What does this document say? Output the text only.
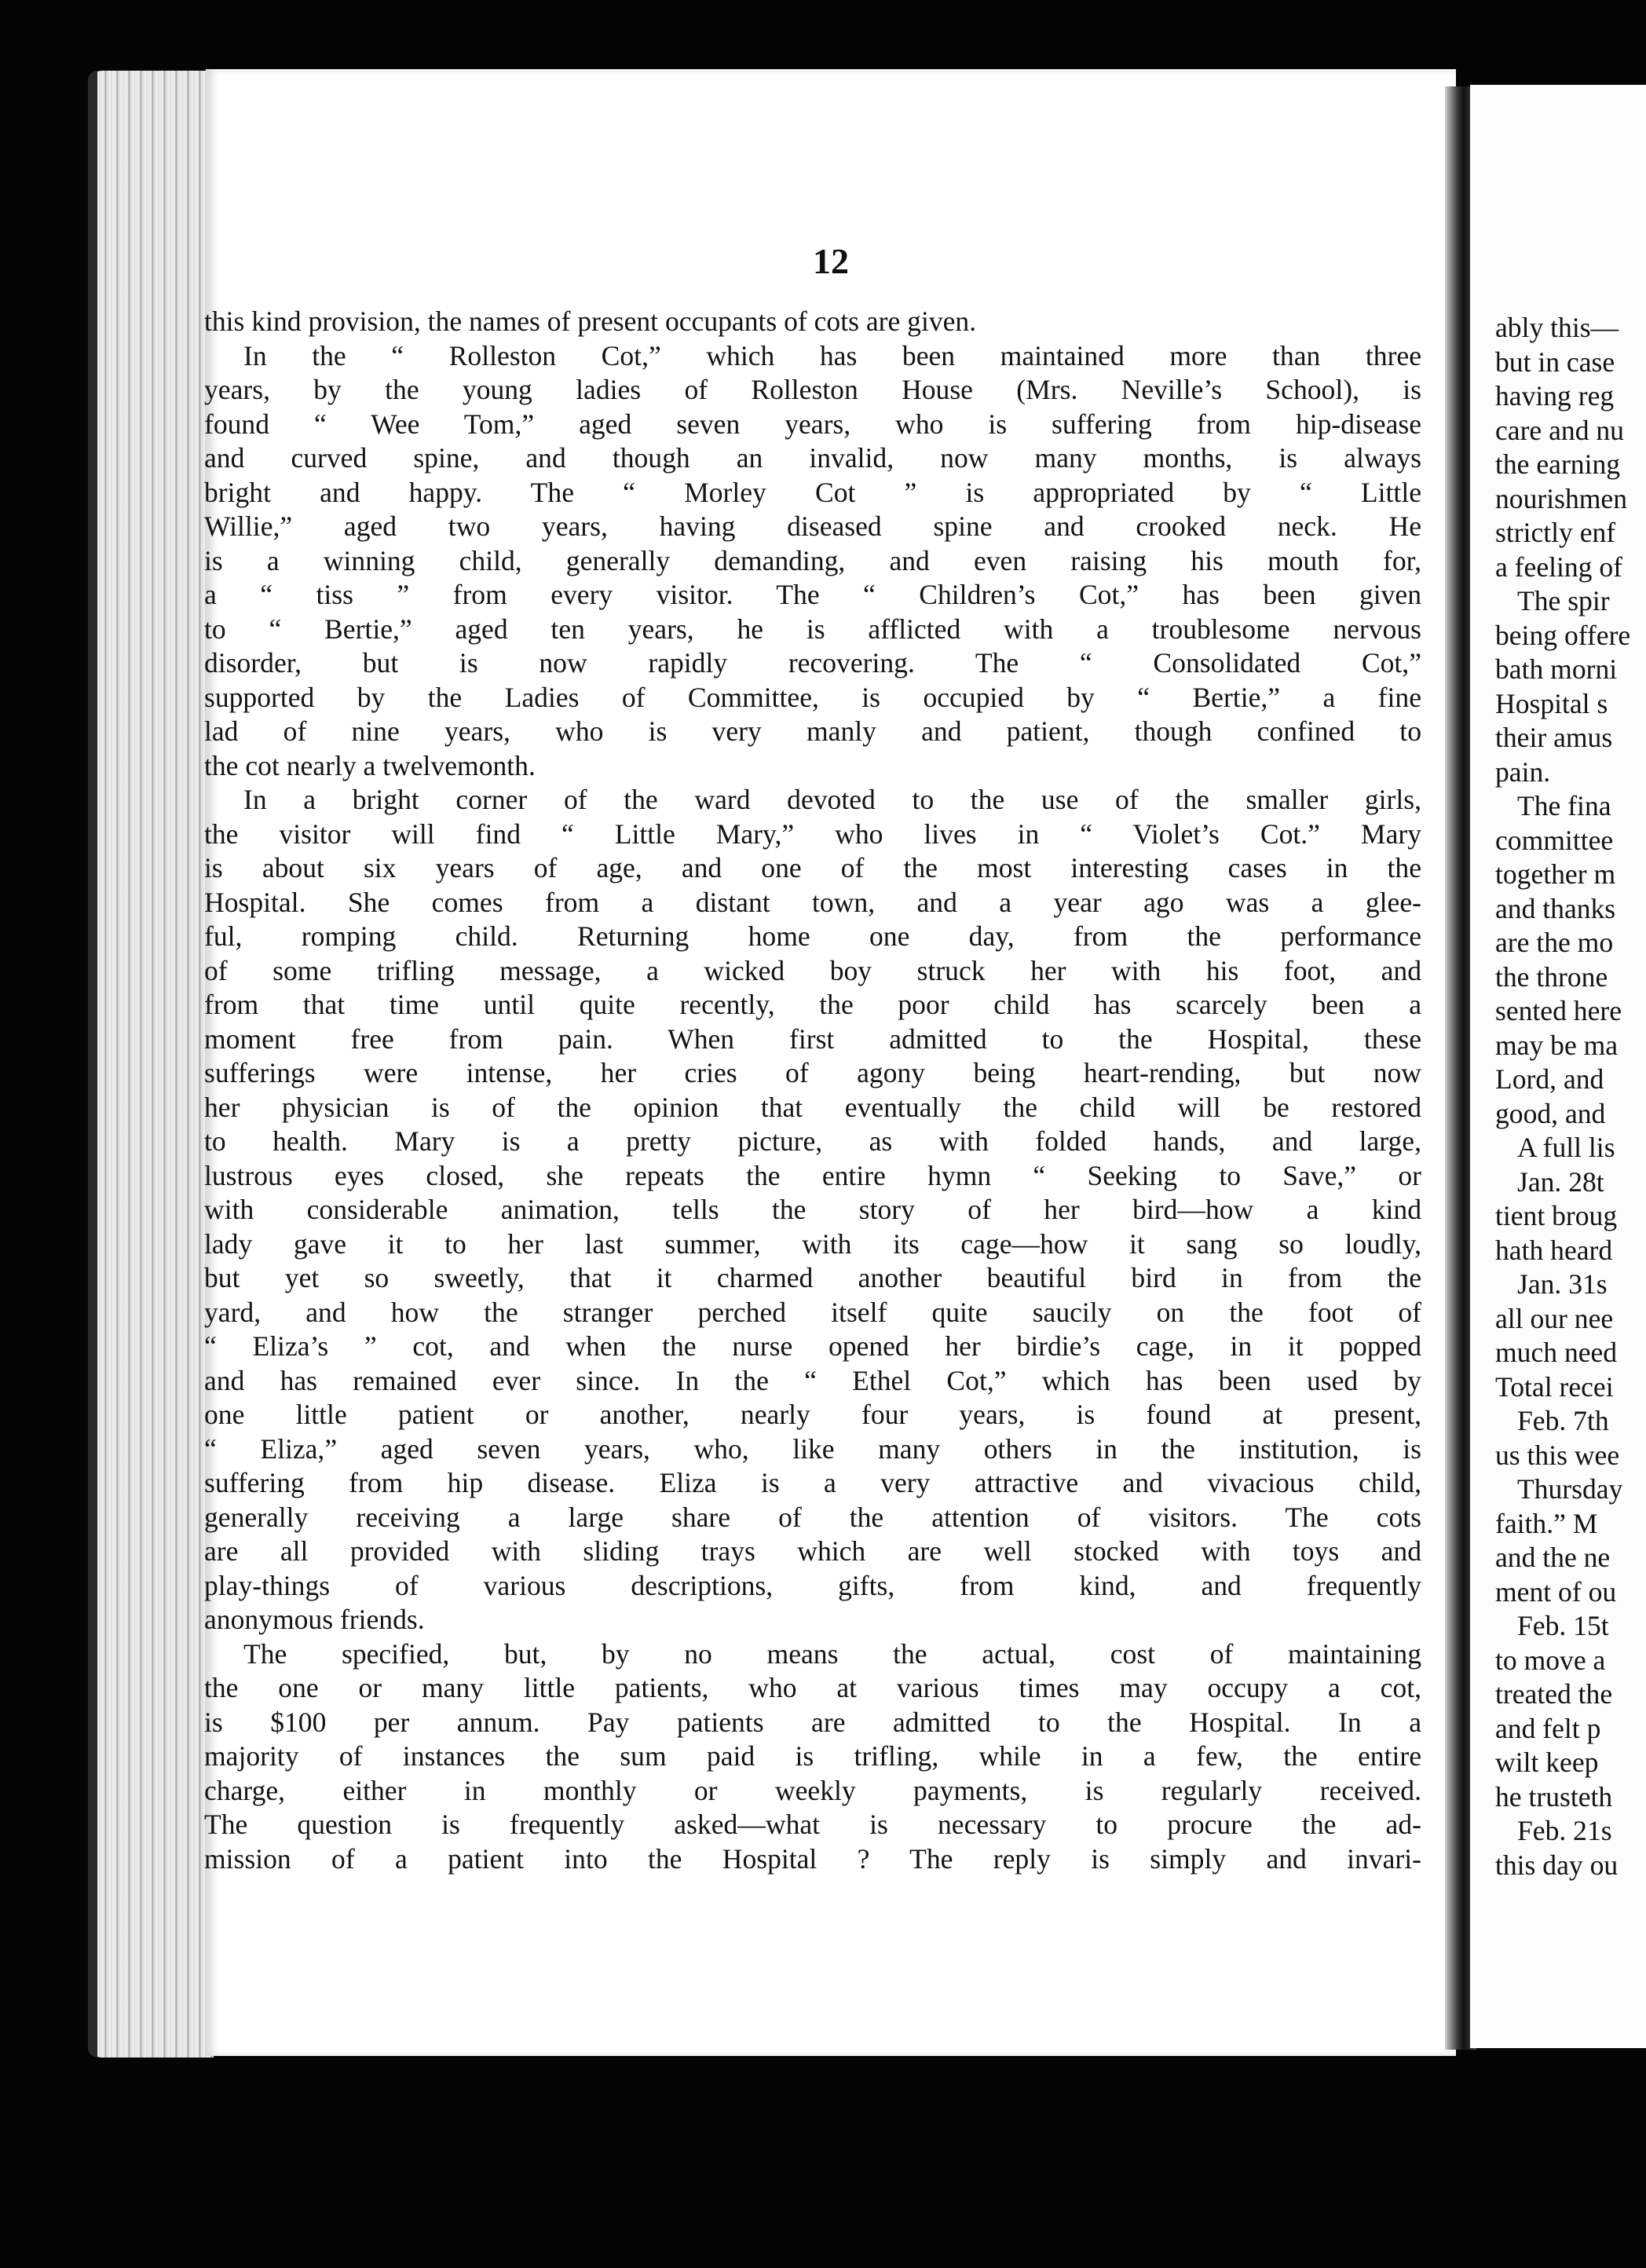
12
this kind provision, the names of present occupants of cots are given.
In the “ Rolleston Cot,” which has been maintained more than three
years, by the young ladies of Rolleston House (Mrs. Neville’s School), is
found “ Wee Tom,” aged seven years, who is suffering from hip-disease
and curved spine, and though an invalid, now many months, is always
bright and happy. The “ Morley Cot ” is appropriated by “ Little
Willie,” aged two years, having diseased spine and crooked neck. He
is a winning child, generally demanding, and even raising his mouth for,
a “ tiss ” from every visitor. The “ Children’s Cot,” has been given
to “ Bertie,” aged ten years, he is afflicted with a troublesome nervous
disorder, but is now rapidly recovering. The “ Consolidated Cot,”
supported by the Ladies of Committee, is occupied by “ Bertie,” a fine
lad of nine years, who is very manly and patient, though confined to
the cot nearly a twelvemonth.
In a bright corner of the ward devoted to the use of the smaller girls,
the visitor will find “ Little Mary,” who lives in “ Violet’s Cot.” Mary
is about six years of age, and one of the most interesting cases in the
Hospital. She comes from a distant town, and a year ago was a glee-
ful, romping child. Returning home one day, from the performance
of some trifling message, a wicked boy struck her with his foot, and
from that time until quite recently, the poor child has scarcely been a
moment free from pain. When first admitted to the Hospital, these
sufferings were intense, her cries of agony being heart-rending, but now
her physician is of the opinion that eventually the child will be restored
to health. Mary is a pretty picture, as with folded hands, and large,
lustrous eyes closed, she repeats the entire hymn “ Seeking to Save,” or
with considerable animation, tells the story of her bird—how a kind
lady gave it to her last summer, with its cage—how it sang so loudly,
but yet so sweetly, that it charmed another beautiful bird in from the
yard, and how the stranger perched itself quite saucily on the foot of
“ Eliza’s ” cot, and when the nurse opened her birdie’s cage, in it popped
and has remained ever since. In the “ Ethel Cot,” which has been used by
one little patient or another, nearly four years, is found at present,
“ Eliza,” aged seven years, who, like many others in the institution, is
suffering from hip disease. Eliza is a very attractive and vivacious child,
generally receiving a large share of the attention of visitors. The cots
are all provided with sliding trays which are well stocked with toys and
play-things of various descriptions, gifts, from kind, and frequently
anonymous friends.
The specified, but, by no means the actual, cost of maintaining
the one or many little patients, who at various times may occupy a cot,
is $100 per annum. Pay patients are admitted to the Hospital. In a
majority of instances the sum paid is trifling, while in a few, the entire
charge, either in monthly or weekly payments, is regularly received.
The question is frequently asked—what is necessary to procure the ad-
mission of a patient into the Hospital ? The reply is simply and invari-
ably this—
but in case
having reg
care and nu
the earning
nourishmen
strictly enf
a feeling of
The spir
being offere
bath morni
Hospital s
their amus
pain.
The fina
committee
together m
and thanks
are the mo
the throne
sented here
may be ma
Lord, and
good, and
A full lis
Jan. 28t
tient broug
hath heard
Jan. 31s
all our nee
much need
Total recei
Feb. 7th
us this wee
Thursday
faith.” M
and the ne
ment of ou
Feb. 15t
to move a
treated the
and felt p
wilt keep
he trusteth
Feb. 21s
this day ou
